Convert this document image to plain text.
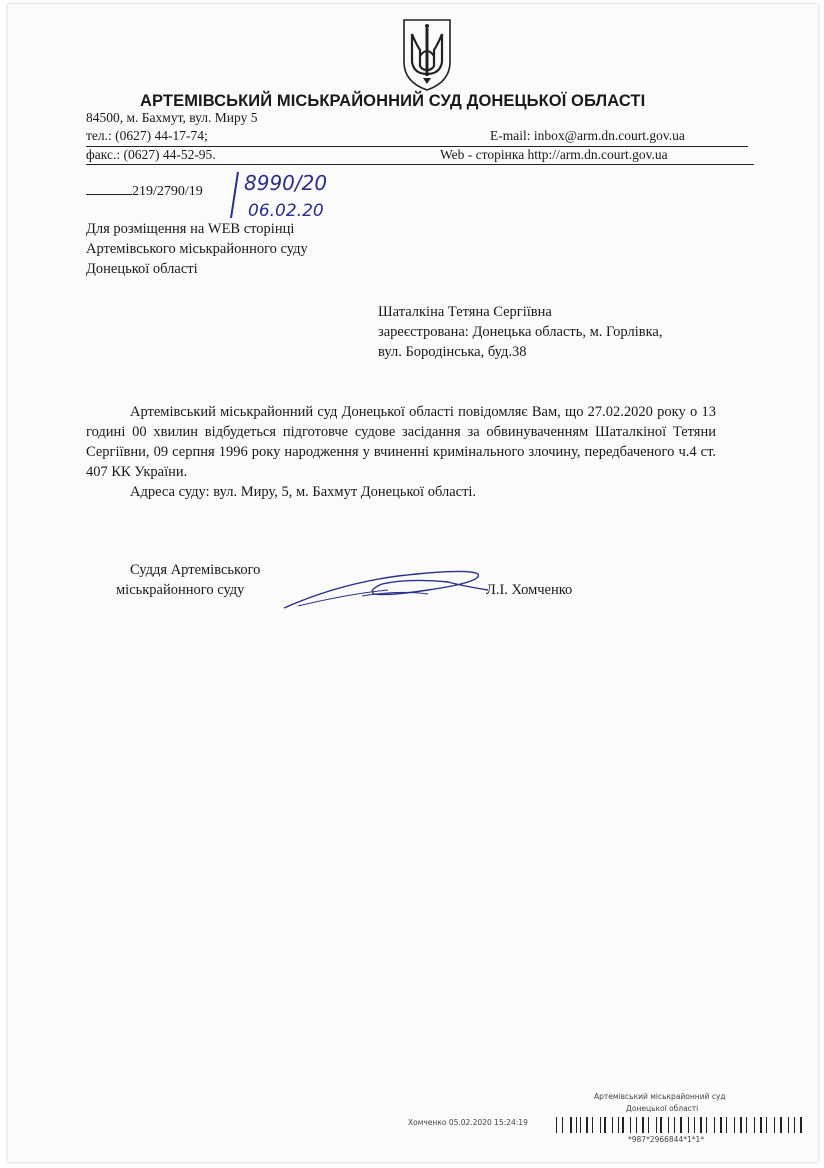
АРТЕМІВСЬКИЙ МІСЬКРАЙОННИЙ СУД ДОНЕЦЬКОЇ ОБЛАСТІ
84500, м. Бахмут, вул. Миру 5
тел.: (0627) 44-17-74;	E-mail: inbox@arm.dn.court.gov.ua
факс.: (0627) 44-52-95.	Web - сторінка http://arm.dn.court.gov.ua
219/2790/19 8990/20
06.02.20
Для розміщення на WEB сторінці
Артемівського міськрайонного суду
Донецької області
Шаталкіна Тетяна Сергіївна
зареєстрована: Донецька область, м. Горлівка,
вул. Бородінська, буд.38
Артемівський міськрайонний суд Донецької області повідомляє Вам, що 27.02.2020 року о 13 годині 00 хвилин відбудеться підготовче судове засідання за обвинуваченням Шаталкіної Тетяни Сергіївни, 09 серпня 1996 року народження у вчиненні кримінального злочину, передбаченого ч.4 ст. 407 КК України.
Адреса суду: вул. Миру, 5, м. Бахмут Донецької області.
Суддя Артемівського
міськрайонного суду	Л.І. Хомченко
Артемівський міськрайонний суд
Донецької області
Хомченко 05.02.2020 15:24:19
*987*2966844*1*1*
